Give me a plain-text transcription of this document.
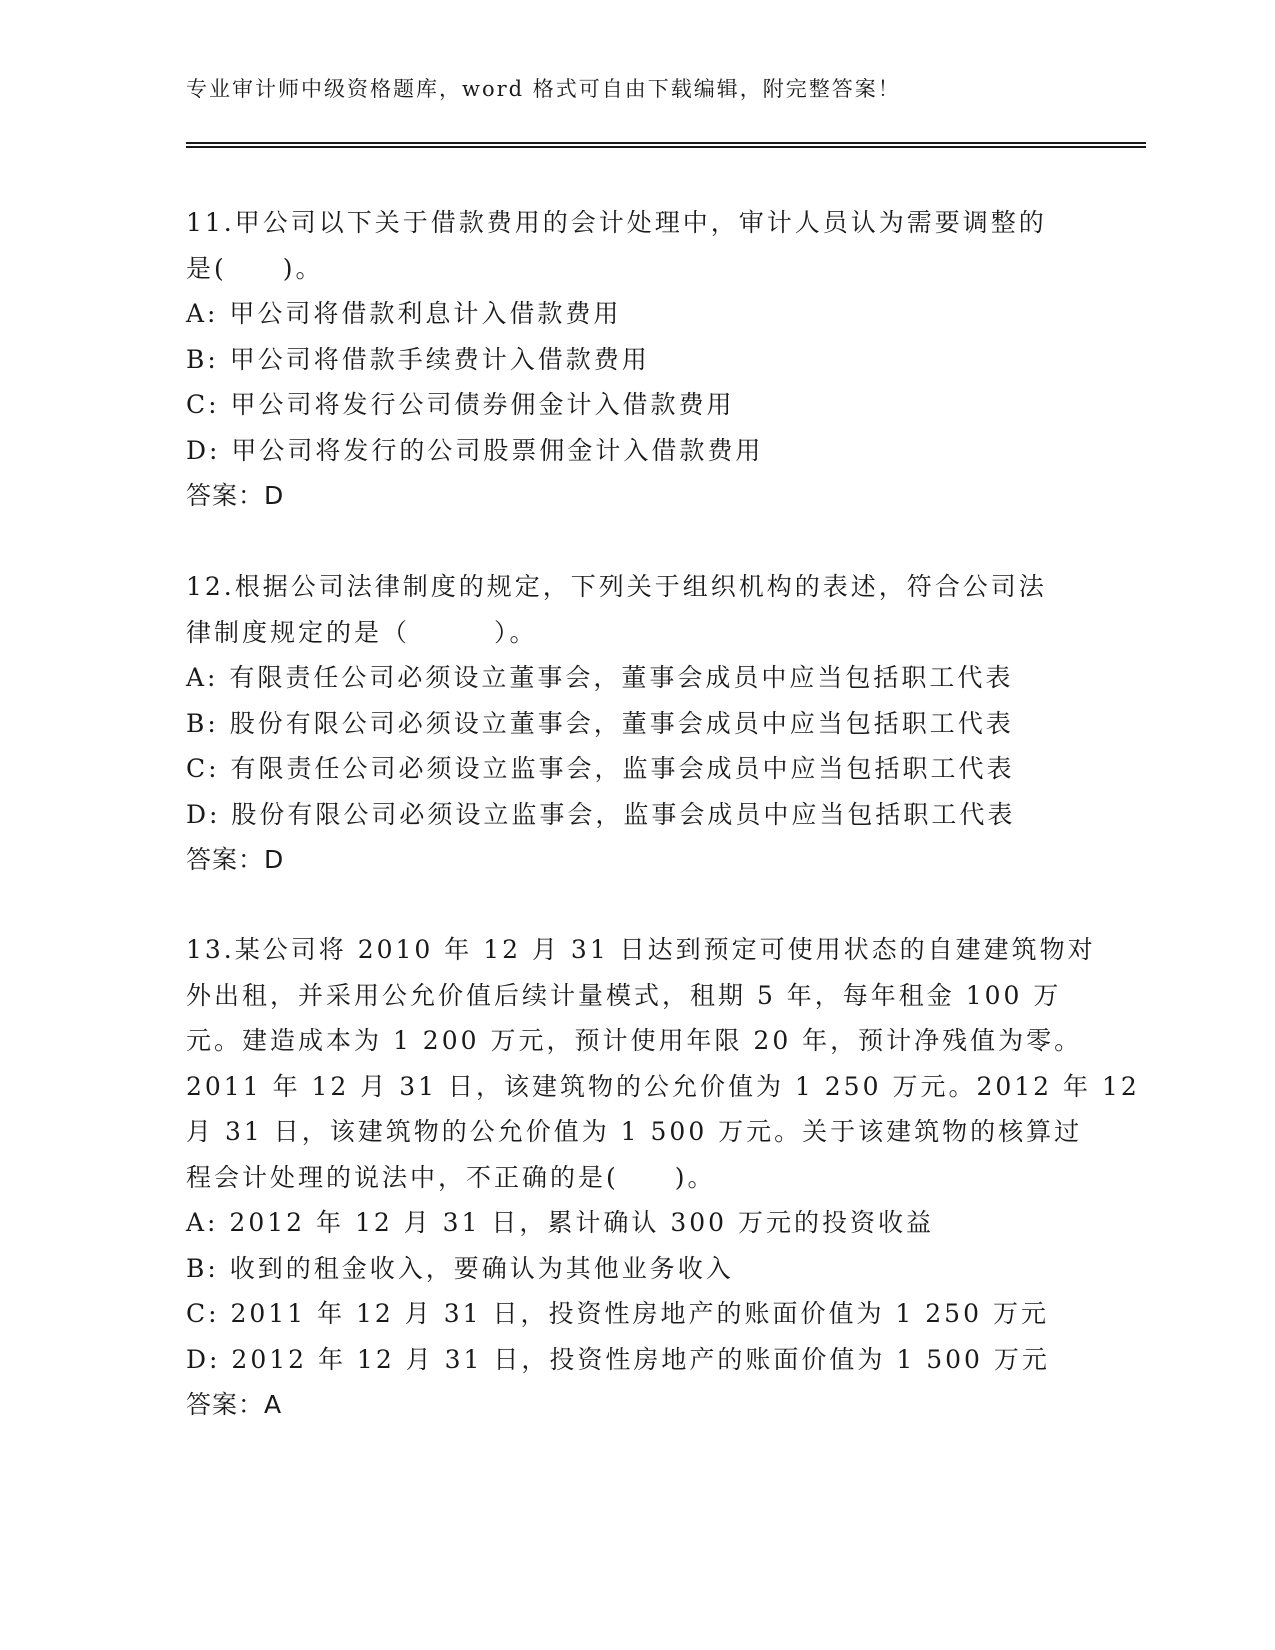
专业审计师中级资格题库，word 格式可自由下载编辑，附完整答案！
11.甲公司以下关于借款费用的会计处理中，审计人员认为需要调整的
是(　　)。
A: 甲公司将借款利息计入借款费用
B: 甲公司将借款手续费计入借款费用
C: 甲公司将发行公司债券佣金计入借款费用
D: 甲公司将发行的公司股票佣金计入借款费用
答案：D
12.根据公司法律制度的规定，下列关于组织机构的表述，符合公司法
律制度规定的是（　　　）。
A: 有限责任公司必须设立董事会，董事会成员中应当包括职工代表
B: 股份有限公司必须设立董事会，董事会成员中应当包括职工代表
C: 有限责任公司必须设立监事会，监事会成员中应当包括职工代表
D: 股份有限公司必须设立监事会，监事会成员中应当包括职工代表
答案：D
13.某公司将 2010 年 12 月 31 日达到预定可使用状态的自建建筑物对
外出租，并采用公允价值后续计量模式，租期 5 年，每年租金 100 万
元。建造成本为 1 200 万元，预计使用年限 20 年，预计净残值为零。
2011 年 12 月 31 日，该建筑物的公允价值为 1 250 万元。2012 年 12
月 31 日，该建筑物的公允价值为 1 500 万元。关于该建筑物的核算过
程会计处理的说法中，不正确的是(　　)。
A: 2012 年 12 月 31 日，累计确认 300 万元的投资收益
B: 收到的租金收入，要确认为其他业务收入
C: 2011 年 12 月 31 日，投资性房地产的账面价值为 1 250 万元
D: 2012 年 12 月 31 日，投资性房地产的账面价值为 1 500 万元
答案：A
